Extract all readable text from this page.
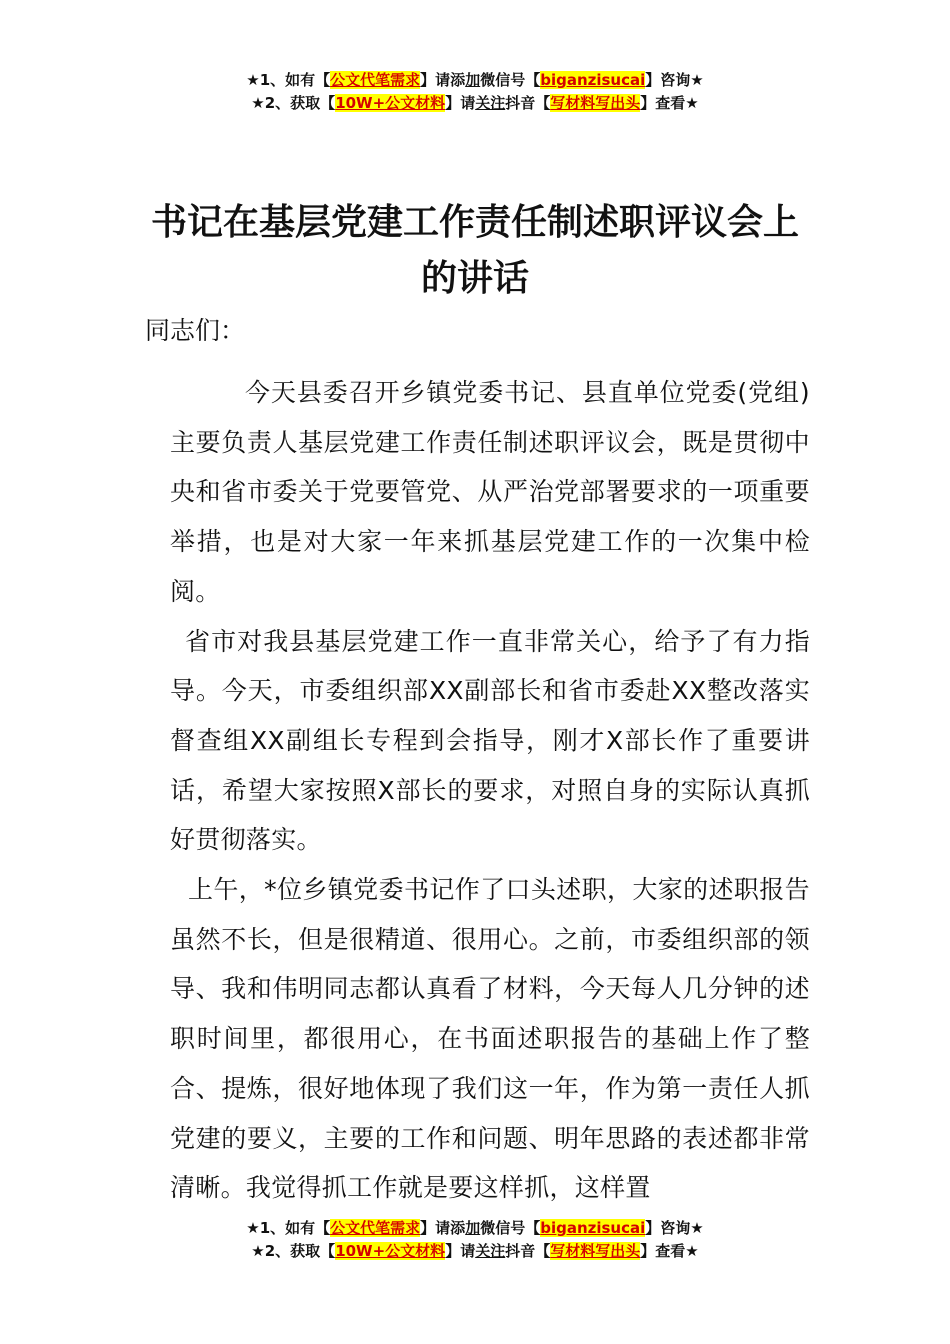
★1、如有【公文代笔需求】请添加微信号【biganzisucai】咨询★
★2、获取【10W+公文材料】请关注抖音【写材料写出头】查看★
书记在基层党建工作责任制述职评议会上
的讲话

同志们：

今天县委召开乡镇党委书记、县直单位党委(党组)主要负责人基层党建工作责任制述职评议会，既是贯彻中央和省市委关于党要管党、从严治党部署要求的一项重要举措，也是对大家一年来抓基层党建工作的一次集中检阅。

省市对我县基层党建工作一直非常关心，给予了有力指导。今天，市委组织部XX副部长和省市委赴XX整改落实督查组XX副组长专程到会指导，刚才X部长作了重要讲话，希望大家按照X部长的要求，对照自身的实际认真抓好贯彻落实。

上午，*位乡镇党委书记作了口头述职，大家的述职报告虽然不长，但是很精道、很用心。之前，市委组织部的领导、我和伟明同志都认真看了材料，今天每人几分钟的述职时间里，都很用心，在书面述职报告的基础上作了整合、提炼，很好地体现了我们这一年，作为第一责任人抓党建的要义，主要的工作和问题、明年思路的表述都非常清晰。我觉得抓工作就是要这样抓，这样置

★1、如有【公文代笔需求】请添加微信号【biganzisucai】咨询★
★2、获取【10W+公文材料】请关注抖音【写材料写出头】查看★
